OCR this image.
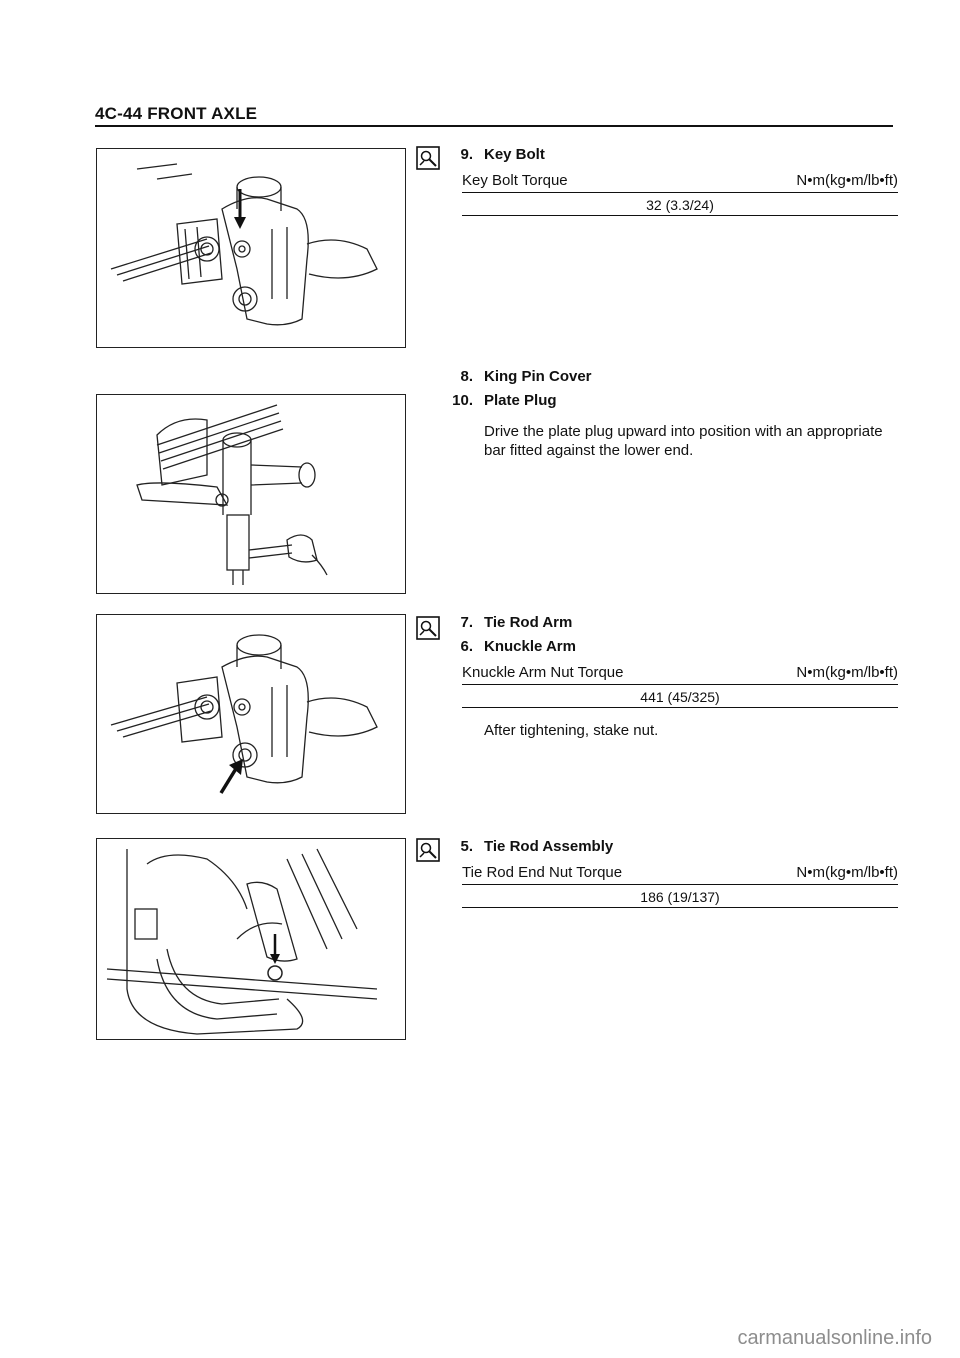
4C-44 FRONT AXLE
9. Key Bolt
Key Bolt Torque	N•m(kg•m/lb•ft)
32 (3.3/24)
8. King Pin Cover
10. Plate Plug
Drive the plate plug upward into position with an appropriate bar fitted against the lower end.
7. Tie Rod Arm
6. Knuckle Arm
Knuckle Arm Nut Torque	N•m(kg•m/lb•ft)
441 (45/325)
After tightening, stake nut.
5. Tie Rod Assembly
Tie Rod End Nut Torque	N•m(kg•m/lb•ft)
186 (19/137)
carmanualsonline.info
